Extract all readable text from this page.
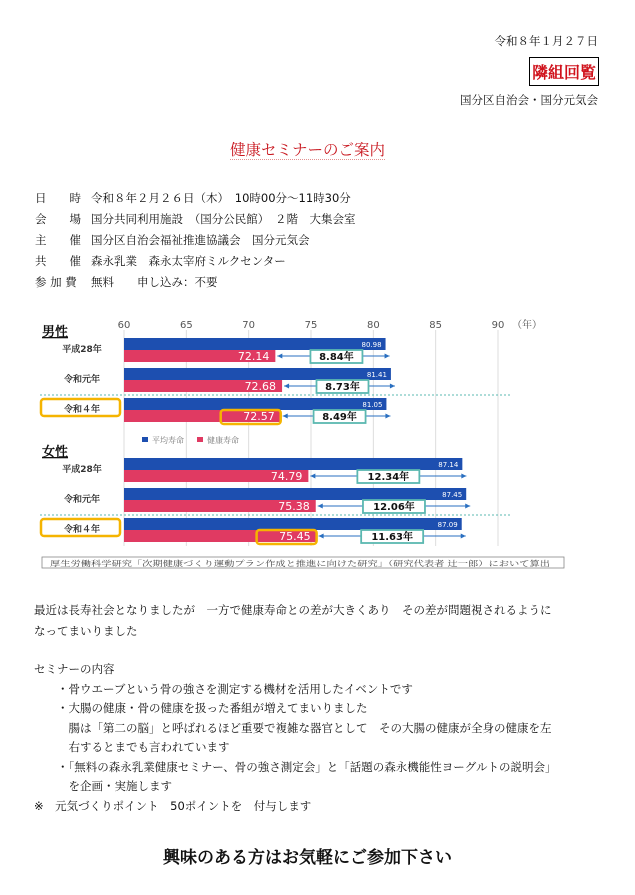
令和８年１月２７日
隣組回覧
国分区自治会・国分元気会
健康セミナーのご案内
日　　時 令和８年２月２６日（木）　10時00分～11時30分
会　　場 国分共同利用施設　（国分公民館）　２階　大集会室
主　　催 国分区自治会福祉推進協議会　国分元気会
共　　催 森永乳業　森永太宰府ミルクセンター
参 加 費 無料　　申し込み：不要
60	65	70	75	80	85	90 （年）
男性
平成28年	80.98
72.14	8.84年
令和元年	81.41
72.68	8.73年
令和４年	81.05
72.57	8.49年
女性
平成28年	87.14
74.79	12.34年
令和元年	87.45
75.38	12.06年
令和４年	87.09
75.45	11.63年
平均寿命	健康寿命
厚生労働科学研究「次期健康づくり運動プラン作成と推進に向けた研究」（研究代表者 辻一郎）において算出
最近は長寿社会となりましたが　一方で健康寿命との差が大きくあり　その差が問題視されるように
なってまいりました
セミナーの内容
・骨ウエーブという骨の強さを測定する機材を活用したイベントです
・大腸の健康・骨の健康を扱った番組が増えてまいりました
　腸は「第二の脳」と呼ばれるほど重要で複雑な器官として　その大腸の健康が全身の健康を左
　右するとまでも言われています
・「無料の森永乳業健康セミナー、骨の強さ測定会」と「話題の森永機能性ヨーグルトの説明会」
　を企画・実施します
※　元気づくりポイント　50ポイントを　付与します
興味のある方はお気軽にご参加下さい
